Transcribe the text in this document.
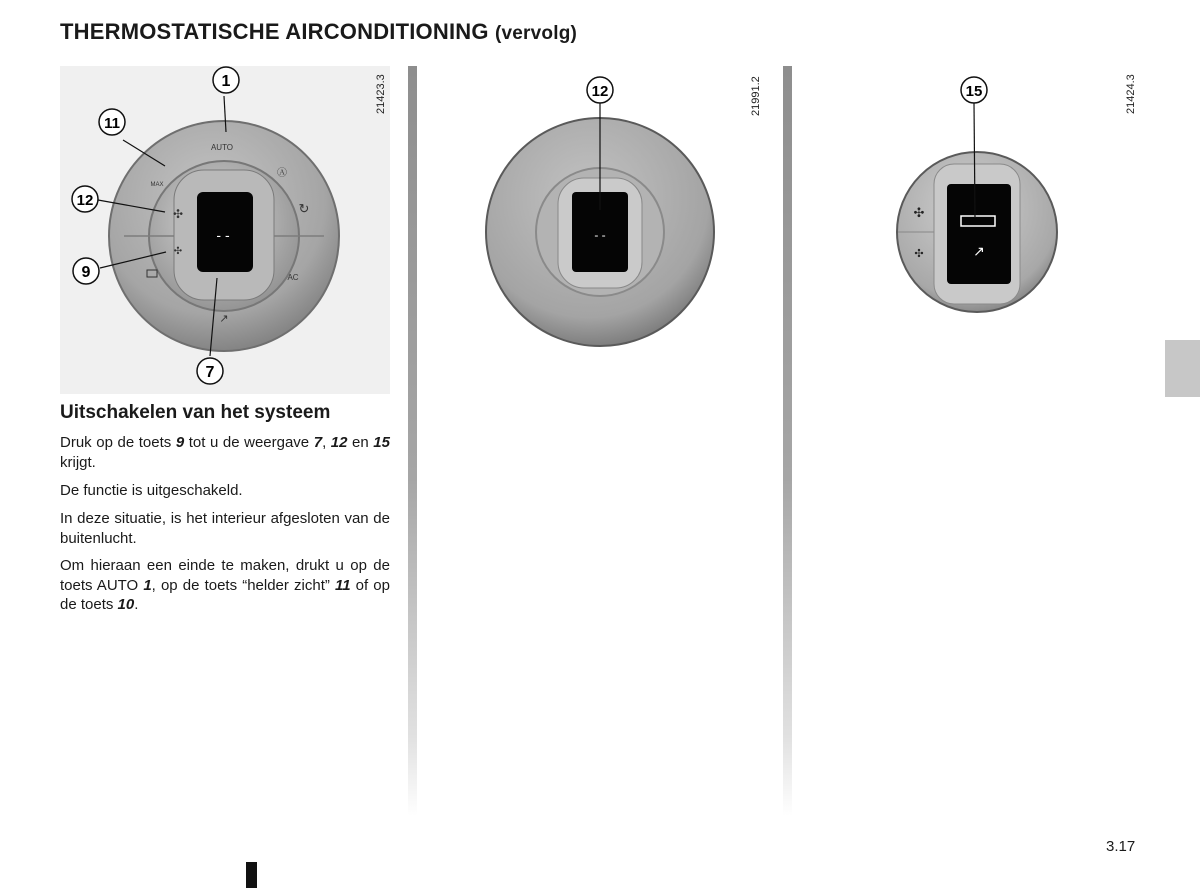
THERMOSTATISCHE AIRCONDITIONING (vervolg)
- -
AUTO
MAX
AC
✣
✣
↻
Ⓐ
↗
1
11
12
9
7
21423.3
- -
12	21991.2
↗
✣
✣
15	21424.3
Uitschakelen van het systeem

Druk op de toets 9 tot u de weergave 7, 12 en 15 krijgt.

De functie is uitgeschakeld.

In deze situatie, is het interieur afgesloten van de buitenlucht.

Om hieraan een einde te maken, drukt u op de toets AUTO 1, op de toets “helder zicht” 11 of op de toets 10.

3.17
